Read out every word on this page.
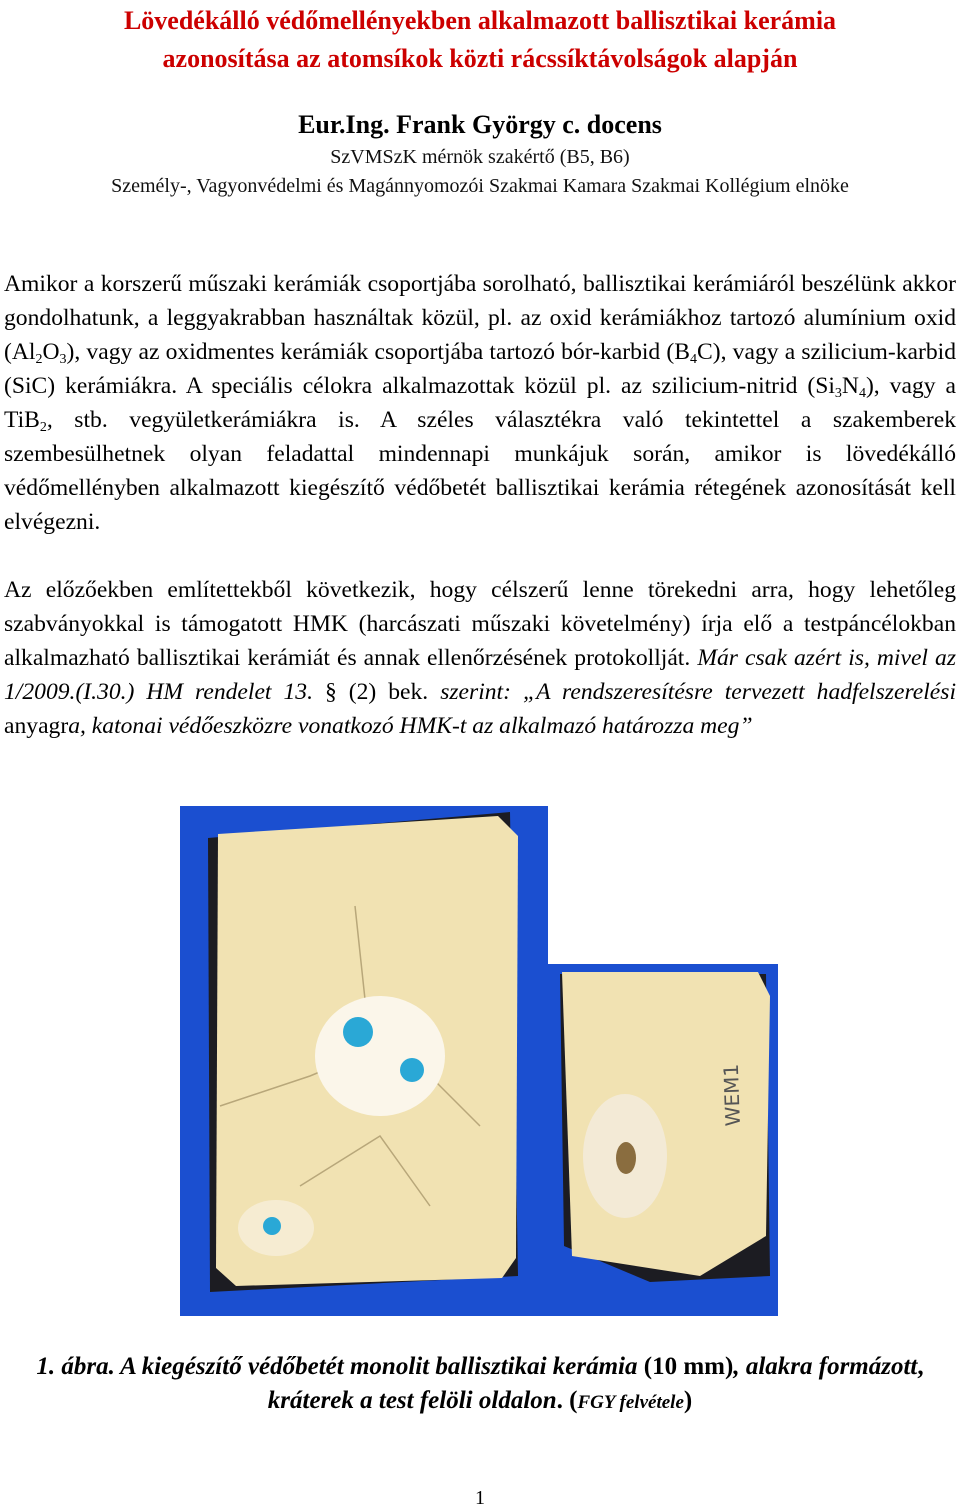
Lövedékálló védőmellényekben alkalmazott ballisztikai kerámia
azonosítása az atomsíkok közti rácssíktávolságok alapján
Eur.Ing. Frank György c. docens
SzVMSzK mérnök szakértő (B5, B6)
Személy-, Vagyonvédelmi és Magánnyomozói Szakmai Kamara Szakmai Kollégium elnöke
Amikor a korszerű műszaki kerámiák csoportjába sorolható, ballisztikai kerámiáról beszélünk akkor gondolhatunk, a leggyakrabban használtak közül, pl. az oxid kerámiákhoz tartozó alumínium oxid $(Al_2O_3)$, vagy az oxidmentes kerámiák csoportjába tartozó bór-karbid $(B_4C)$, vagy a szilicium-karbid (SiC) kerámiákra. A speciális célokra alkalmazottak közül pl. az szilicium-nitrid $(Si_3N_4)$, vagy a TiB$_2$, stb. vegyületkerámiákra is. A széles választékra való tekintettel a szakemberek szembesülhetnek olyan feladattal mindennapi munkájuk során, amikor is lövedékálló védőmellényben alkalmazott kiegészítő védőbetét ballisztikai kerámia rétegének azonosítását kell elvégezni.
Az előzőekben említettekből következik, hogy célszerű lenne törekedni arra, hogy lehetőleg szabványokkal is támogatott HMK (harcászati műszaki követelmény) írja elő a testpáncélokban alkalmazható ballisztikai kerámiát és annak ellenőrzésének protokollját. Már csak azért is, mivel az 1/2009.(I.30.) HM rendelet 13. § (2) bek. szerint: „A rendszeresítésre tervezett hadfelszerelési anyagra, katonai védőeszközre vonatkozó HMK-t az alkalmazó határozza meg”
WEM1
1. ábra. A kiegészítő védőbetét monolit ballisztikai kerámia (10 mm), alakra formázott, kráterek a test felöli oldalon. (FGY felvétele)
1
